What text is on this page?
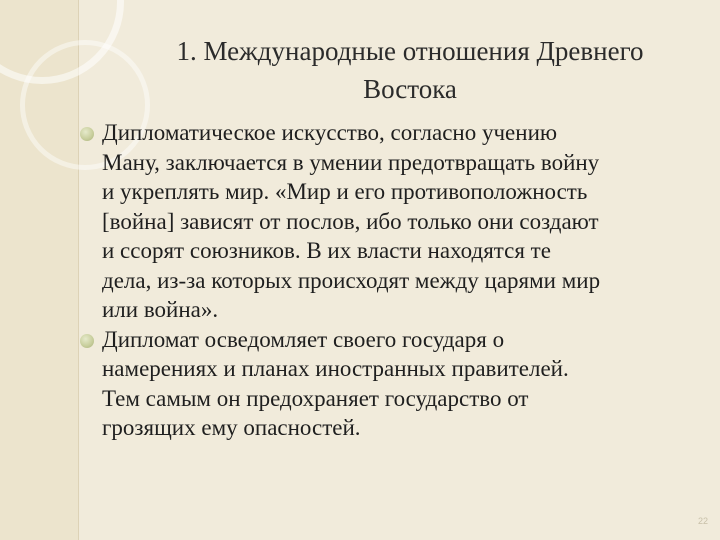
1. Международные отношения Древнего
Востока
Дипломатическое искусство, согласно учению
Ману, заключается в умении предотвращать войну
и укреплять мир. «Мир и его противоположность
[война] зависят от послов, ибо только они создают
и ссорят союзников. В их власти находятся те
дела, из-за которых происходят между царями мир
или война».
Дипломат осведомляет своего государя о
намерениях и планах иностранных правителей.
Тем самым он предохраняет государство от
грозящих ему опасностей.
22
